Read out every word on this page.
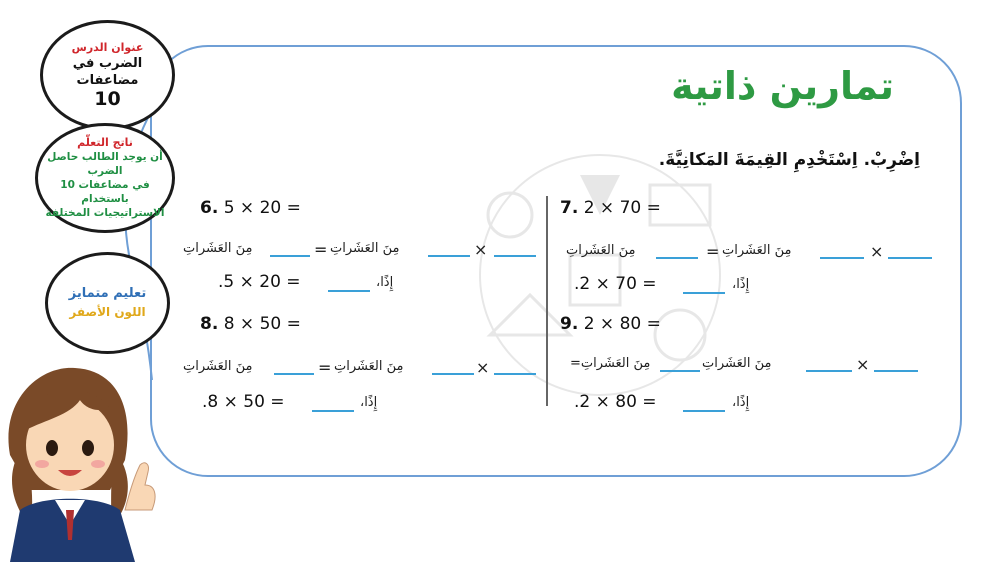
عنوان الدرس
الضرب في مضاعفات
10
ناتج التعلّم
أن يوجد الطالب حاصل الضرب
في مضاعفات 10 باستخدام
الاستراتيجيات المختلفة
تعليم متمايز
اللون الأصفر
تمارين ذاتية
اِضْرِبْ. اِسْتَخْدِمِ القِيمَةَ المَكانِيَّةَ.
6. 5 × 20 =
مِنَ العَشَراتِ	= مِنَ العَشَراتِ	×
.5 × 20 =	إِذًا،
7. 2 × 70 =
مِنَ العَشَراتِ	= مِنَ العَشَراتِ	×
.2 × 70 =	إِذًا،
8. 8 × 50 =
مِنَ العَشَراتِ	= مِنَ العَشَراتِ	×
.8 × 50 =	إِذًا،
9. 2 × 80 =
مِنَ العَشَراتِ=	مِنَ العَشَراتِ	×
.2 × 80 =	إِذًا،
